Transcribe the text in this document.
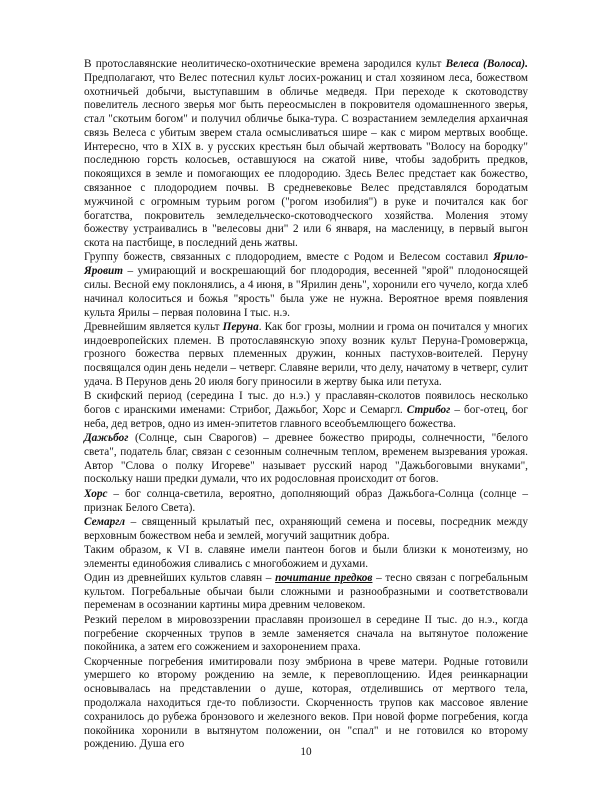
В протославянские неолитическо-охотнические времена зародился культ Велеса (Волоса). Предполагают, что Велес потеснил культ лосих-рожаниц и стал хозяином леса, божеством охотничьей добычи, выступавшим в обличье медведя. При переходе к скотоводству повелитель лесного зверья мог быть переосмыслен в покровителя одомашненного зверья, стал "скотьим богом" и получил обличье быка-тура. С возрастанием земледелия архаичная связь Велеса с убитым зверем стала осмысливаться шире – как с миром мертвых вообще. Интересно, что в XIX в. у русских крестьян был обычай жертвовать "Волосу на бородку" последнюю горсть колосьев, оставшуюся на сжатой ниве, чтобы задобрить предков, покоящихся в земле и помогающих ее плодородию. Здесь Велес предстает как божество, связанное с плодородием почвы. В средневековье Велес представлялся бородатым мужчиной с огромным турьим рогом ("рогом изобилия") в руке и почитался как бог богатства, покровитель земледельческо-скотоводческого хозяйства. Моления этому божеству устраивались в "велесовы дни" 2 или 6 января, на масленицу, в первый выгон скота на пастбище, в последний день жатвы.

Группу божеств, связанных с плодородием, вместе с Родом и Велесом составил Ярило-Яровит – умирающий и воскрешающий бог плодородия, весенней "ярой" плодоносящей силы. Весной ему поклонялись, а 4 июня, в "Ярилин день", хоронили его чучело, когда хлеб начинал колоситься и божья "ярость" была уже не нужна. Вероятное время появления культа Ярилы – первая половина I тыс. н.э.

Древнейшим является культ Перуна. Как бог грозы, молнии и грома он почитался у многих индоевропейских племен. В протославянскую эпоху возник культ Перуна-Громовержца, грозного божества первых племенных дружин, конных пастухов-воителей. Перуну посвящался один день недели – четверг. Славяне верили, что делу, начатому в четверг, сулит удача. В Перунов день 20 июля богу приносили в жертву быка или петуха.

В скифский период (середина I тыс. до н.э.) у праславян-сколотов появилось несколько богов с иранскими именами: Стрибог, Дажьбог, Хорс и Семаргл. Стрибог – бог-отец, бог неба, дед ветров, одно из имен-эпитетов главного всеобъемлющего божества.

Дажьбог (Солнце, сын Сварогов) – древнее божество природы, солнечности, "белого света", податель благ, связан с сезонным солнечным теплом, временем вызревания урожая. Автор "Слова о полку Игореве" называет русский народ "Дажьбоговыми внуками", поскольку наши предки думали, что их родословная происходит от богов.

Хорс – бог солнца-светила, вероятно, дополняющий образ Дажьбога-Солнца (солнце – признак Белого Света).

Семаргл – священный крылатый пес, охраняющий семена и посевы, посредник между верховным божеством неба и землей, могучий защитник добра.

Таким образом, к VI в. славяне имели пантеон богов и были близки к монотеизму, но элементы единобожия сливались с многобожием и духами.

Один из древнейших культов славян – почитание предков – тесно связан с погребальным культом. Погребальные обычаи были сложными и разнообразными и соответствовали переменам в осознании картины мира древним человеком.

Резкий перелом в мировоззрении праславян произошел в середине II тыс. до н.э., когда погребение скорченных трупов в земле заменяется сначала на вытянутое положение покойника, а затем его сожжением и захоронением праха.

Скорченные погребения имитировали позу эмбриона в чреве матери. Родные готовили умершего ко второму рождению на земле, к перевоплощению. Идея реинкарнации основывалась на представлении о душе, которая, отделившись от мертвого тела, продолжала находиться где-то поблизости. Скорченность трупов как массовое явление сохранилось до рубежа бронзового и железного веков. При новой форме погребения, когда покойника хоронили в вытянутом положении, он "спал" и не готовился ко второму рождению. Душа его

10
